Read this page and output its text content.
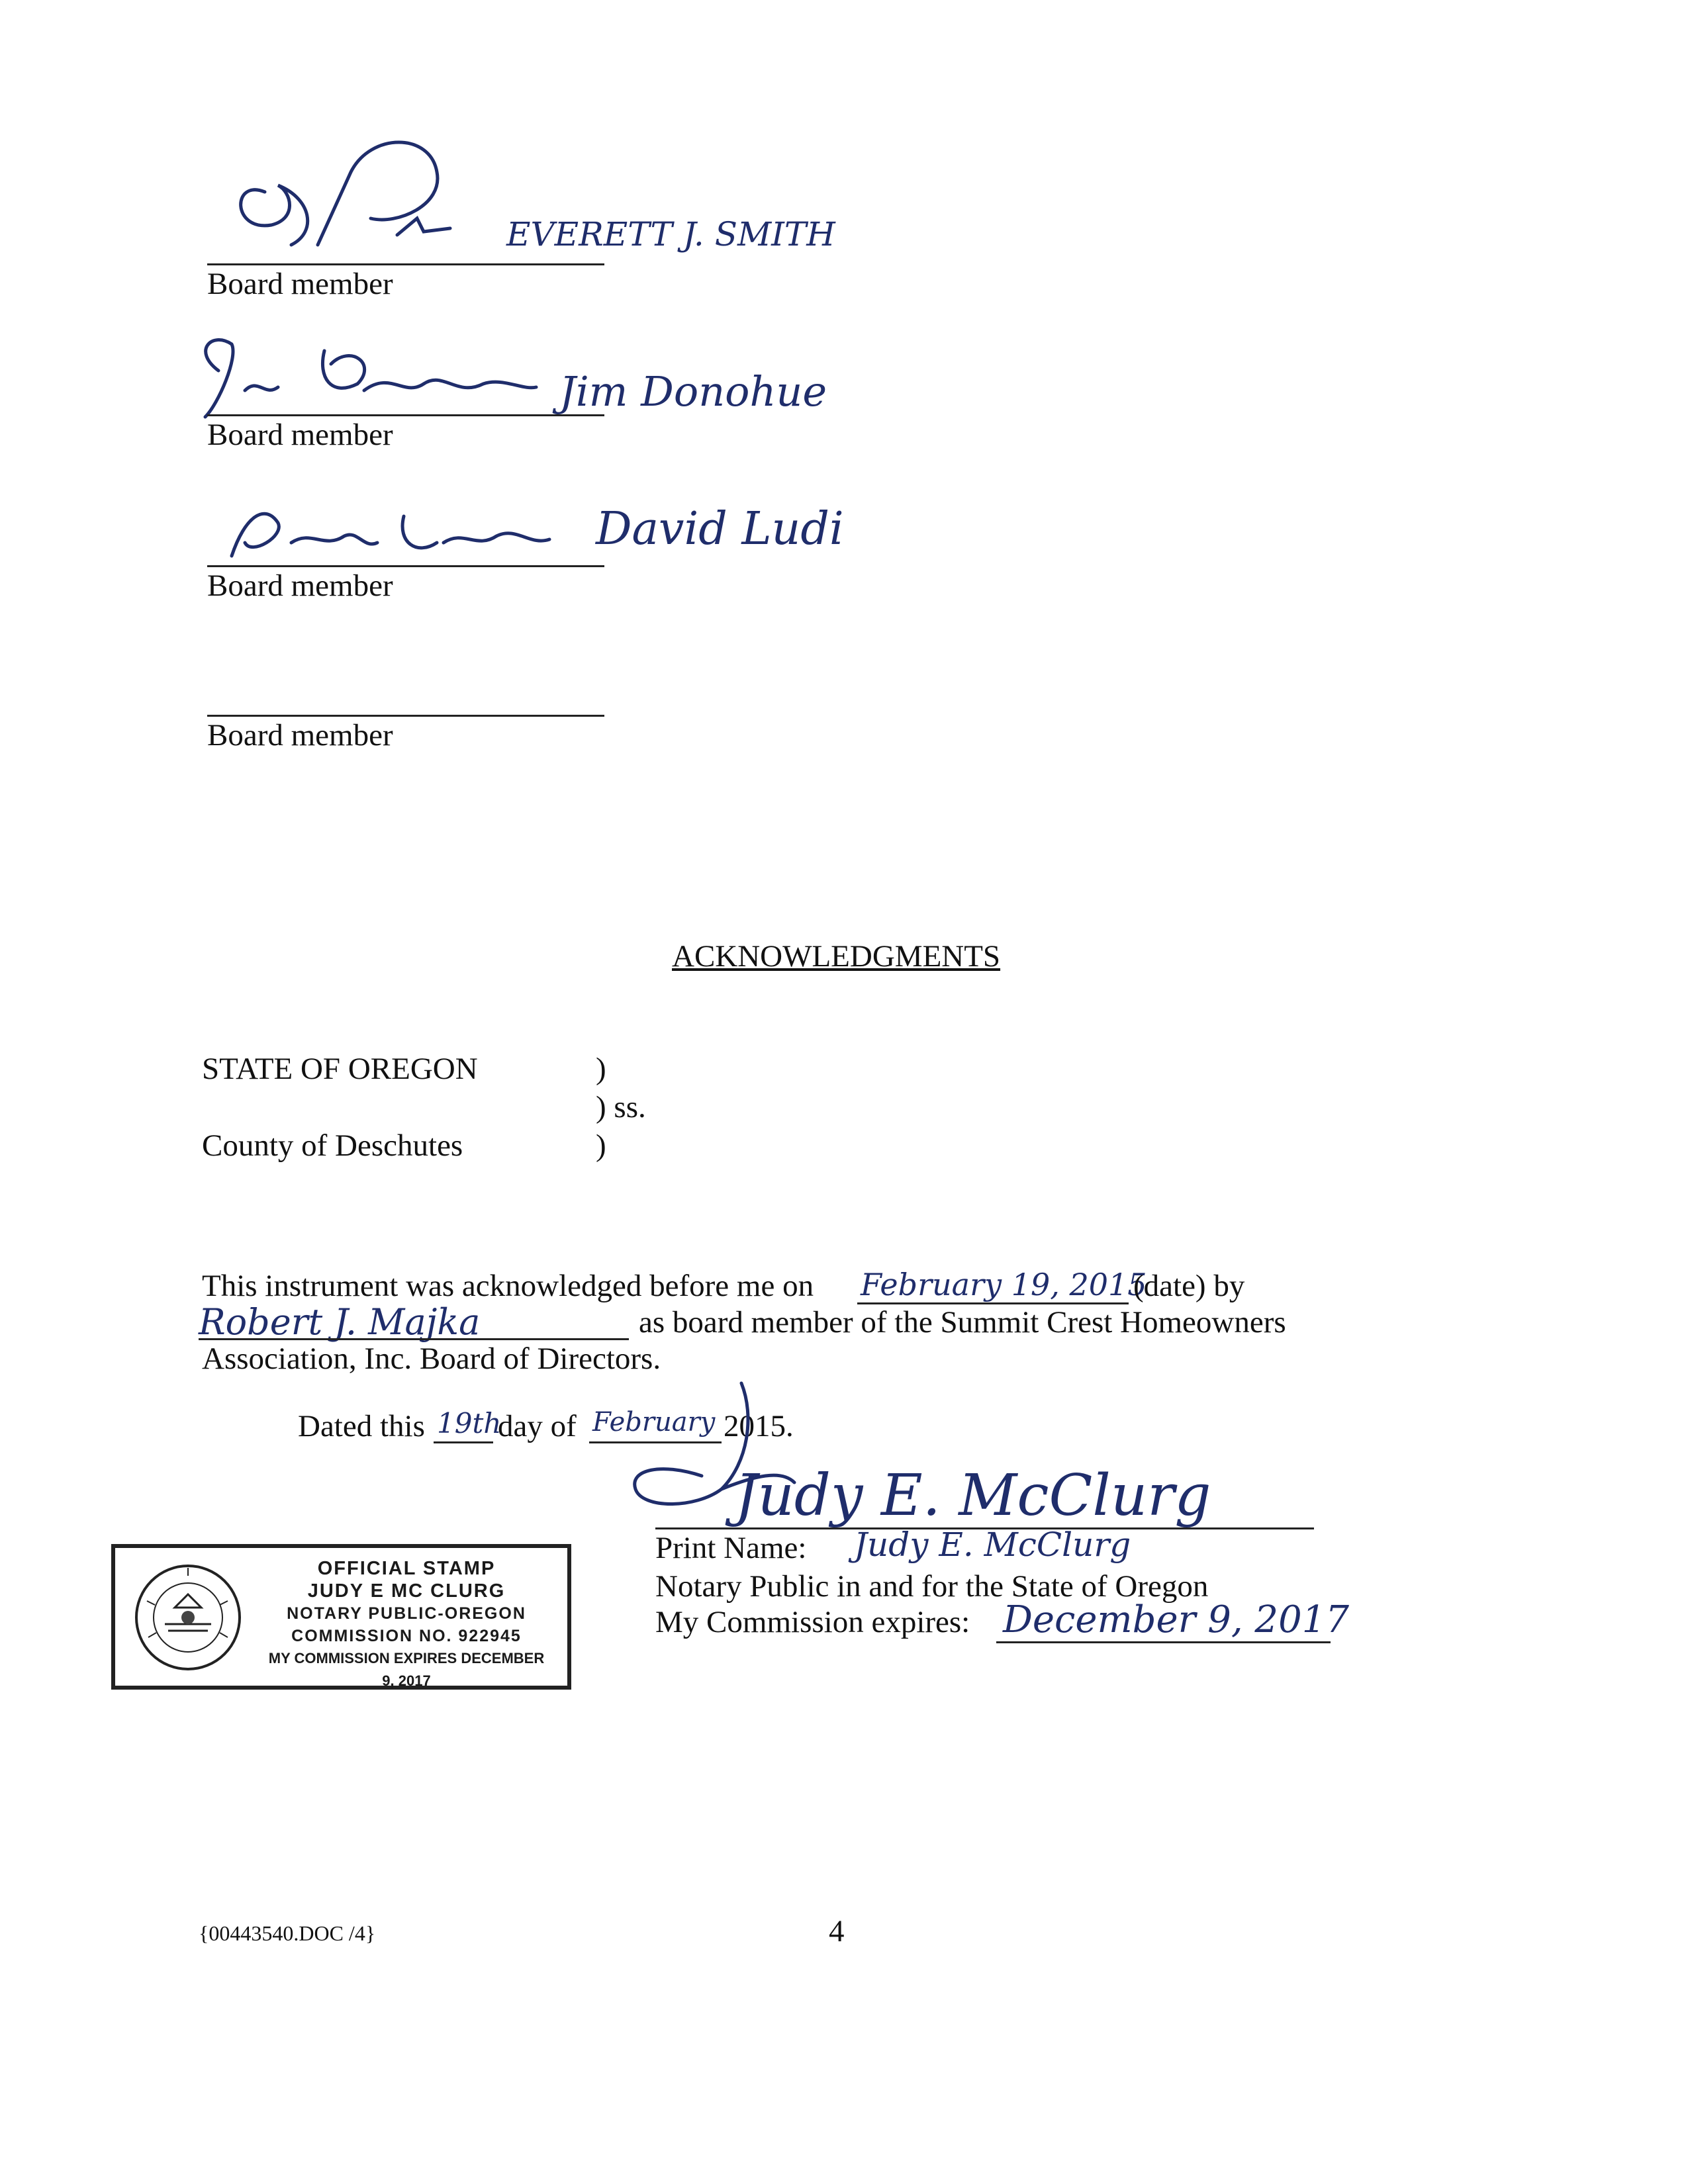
EVERETT J. SMITH
Board member
Jim Donohue
Board member
David Ludi
Board member
Board member
ACKNOWLEDGMENTS
STATE OF OREGON	)
) ss.
County of Deschutes	)
This instrument was acknowledged before me on February 19, 2015
(date) by
Robert J. Majka	as board member of the Summit Crest Homeowners
Association, Inc. Board of Directors.
Dated this 19th
day of February 2015.
Judy E. McClurg
Print Name: Judy E. McClurg
Notary Public in and for the State of Oregon
My Commission expires: December 9, 2017
OFFICIAL STAMP
JUDY E MC CLURG
NOTARY PUBLIC-OREGON
COMMISSION NO. 922945
MY COMMISSION EXPIRES DECEMBER 9, 2017
{00443540.DOC /4}	4
